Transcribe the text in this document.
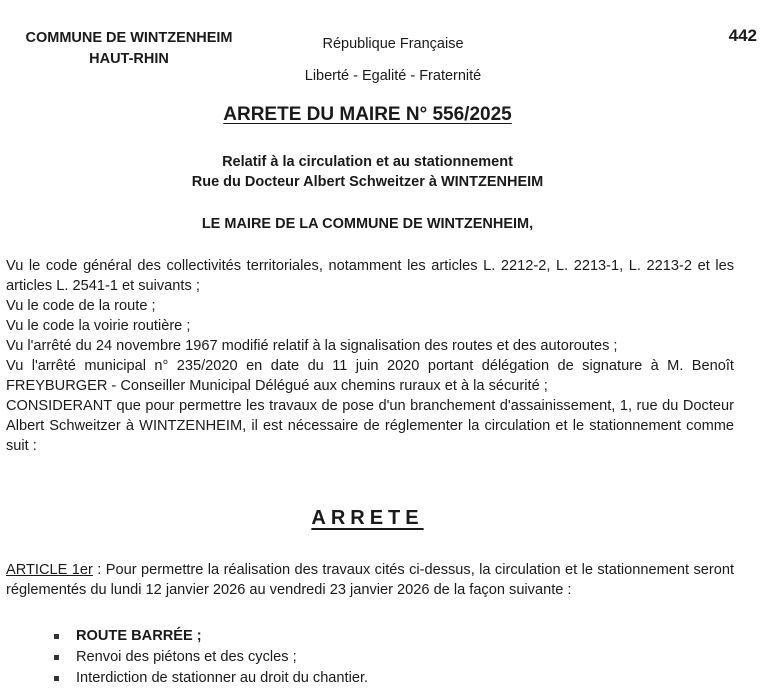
COMMUNE DE WINTZENHEIM
HAUT-RHIN
République Française
Liberté - Egalité - Fraternité
442
ARRETE DU MAIRE N° 556/2025
Relatif à la circulation et au stationnement
Rue du Docteur Albert Schweitzer à WINTZENHEIM
LE MAIRE DE LA COMMUNE DE WINTZENHEIM,

Vu le code général des collectivités territoriales, notamment les articles L. 2212-2, L. 2213-1, L. 2213-2 et les articles L. 2541-1 et suivants ;

Vu le code de la route ;

Vu le code la voirie routière ;

Vu l'arrêté du 24 novembre 1967 modifié relatif à la signalisation des routes et des autoroutes ;

Vu l'arrêté municipal n° 235/2020 en date du 11 juin 2020 portant délégation de signature à M. Benoît FREYBURGER - Conseiller Municipal Délégué aux chemins ruraux et à la sécurité ;

CONSIDERANT que pour permettre les travaux de pose d'un branchement d'assainissement, 1, rue du Docteur Albert Schweitzer à WINTZENHEIM, il est nécessaire de réglementer la circulation et le stationnement comme suit :

ARRETE
ARTICLE 1er : Pour permettre la réalisation des travaux cités ci-dessus, la circulation et le stationnement seront réglementés du lundi 12 janvier 2026 au vendredi 23 janvier 2026 de la façon suivante :
ROUTE BARRÉE ;
Renvoi des piétons et des cycles ;
Interdiction de stationner au droit du chantier.
